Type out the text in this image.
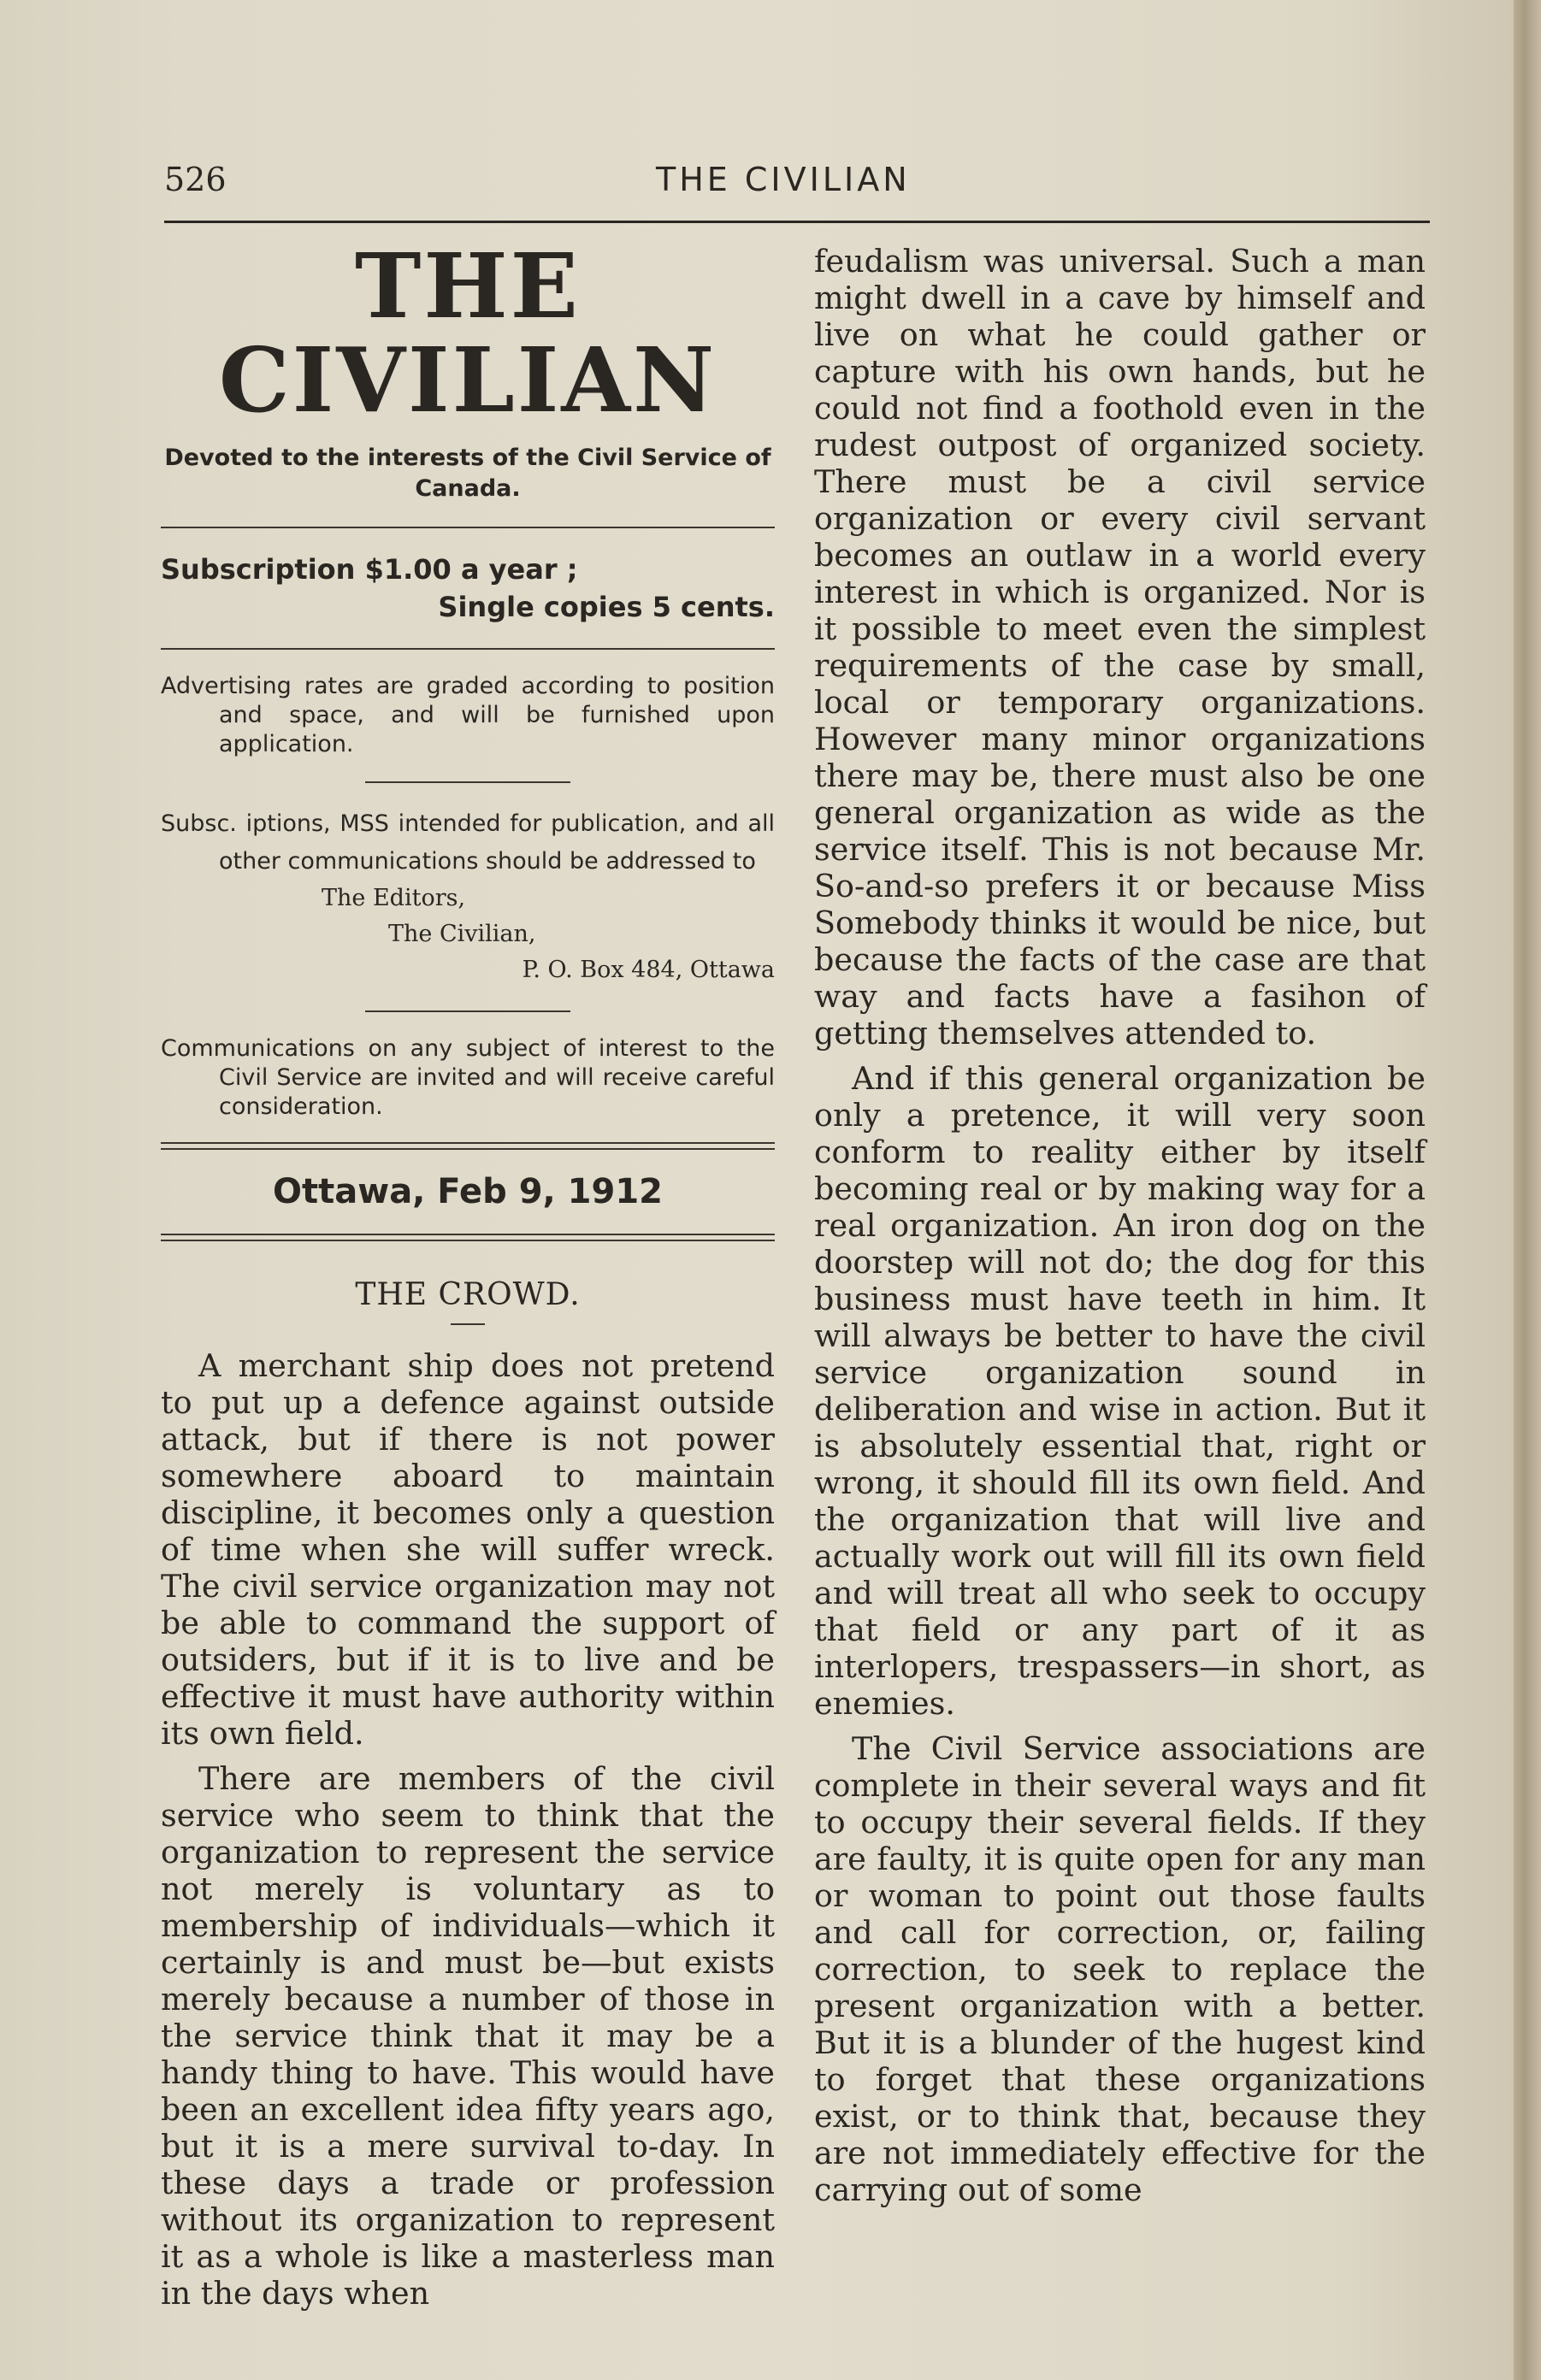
526	THE CIVILIAN
THE CIVILIAN

Devoted to the interests of the Civil Service of Canada.

Subscription $1.00 a year ;

Single copies 5 cents.

Advertising rates are graded according to position and space, and will be furnished upon application.

Subsc. iptions, MSS intended for publication, and all other communications should be addressed to

The Editors,

The Civilian,

P. O. Box 484, Ottawa

Communications on any subject of interest to the Civil Service are invited and will receive careful consideration.

Ottawa, Feb 9, 1912
THE CROWD.

A merchant ship does not pretend to put up a defence against outside attack, but if there is not power somewhere aboard to maintain discipline, it becomes only a question of time when she will suffer wreck. The civil service organization may not be able to command the support of outsiders, but if it is to live and be effective it must have authority within its own field.

There are members of the civil service who seem to think that the organization to represent the service not merely is voluntary as to membership of individuals—which it certainly is and must be—but exists merely because a number of those in the service think that it may be a handy thing to have. This would have been an excellent idea fifty years ago, but it is a mere survival to-day. In these days a trade or profession without its organization to represent it as a whole is like a masterless man in the days when

feudalism was universal. Such a man might dwell in a cave by himself and live on what he could gather or capture with his own hands, but he could not find a foothold even in the rudest outpost of organized society. There must be a civil service organization or every civil servant becomes an outlaw in a world every interest in which is organized. Nor is it possible to meet even the simplest requirements of the case by small, local or temporary organizations. However many minor organizations there may be, there must also be one general organization as wide as the service itself. This is not because Mr. So-and-so prefers it or because Miss Somebody thinks it would be nice, but because the facts of the case are that way and facts have a fasihon of getting themselves attended to.

And if this general organization be only a pretence, it will very soon conform to reality either by itself becoming real or by making way for a real organization. An iron dog on the doorstep will not do; the dog for this business must have teeth in him. It will always be better to have the civil service organization sound in deliberation and wise in action. But it is absolutely essential that, right or wrong, it should fill its own field. And the organization that will live and actually work out will fill its own field and will treat all who seek to occupy that field or any part of it as interlopers, trespassers—in short, as enemies.

The Civil Service associations are complete in their several ways and fit to occupy their several fields. If they are faulty, it is quite open for any man or woman to point out those faults and call for correction, or, failing correction, to seek to replace the present organization with a better. But it is a blunder of the hugest kind to forget that these organizations exist, or to think that, because they are not immediately effective for the carrying out of some
